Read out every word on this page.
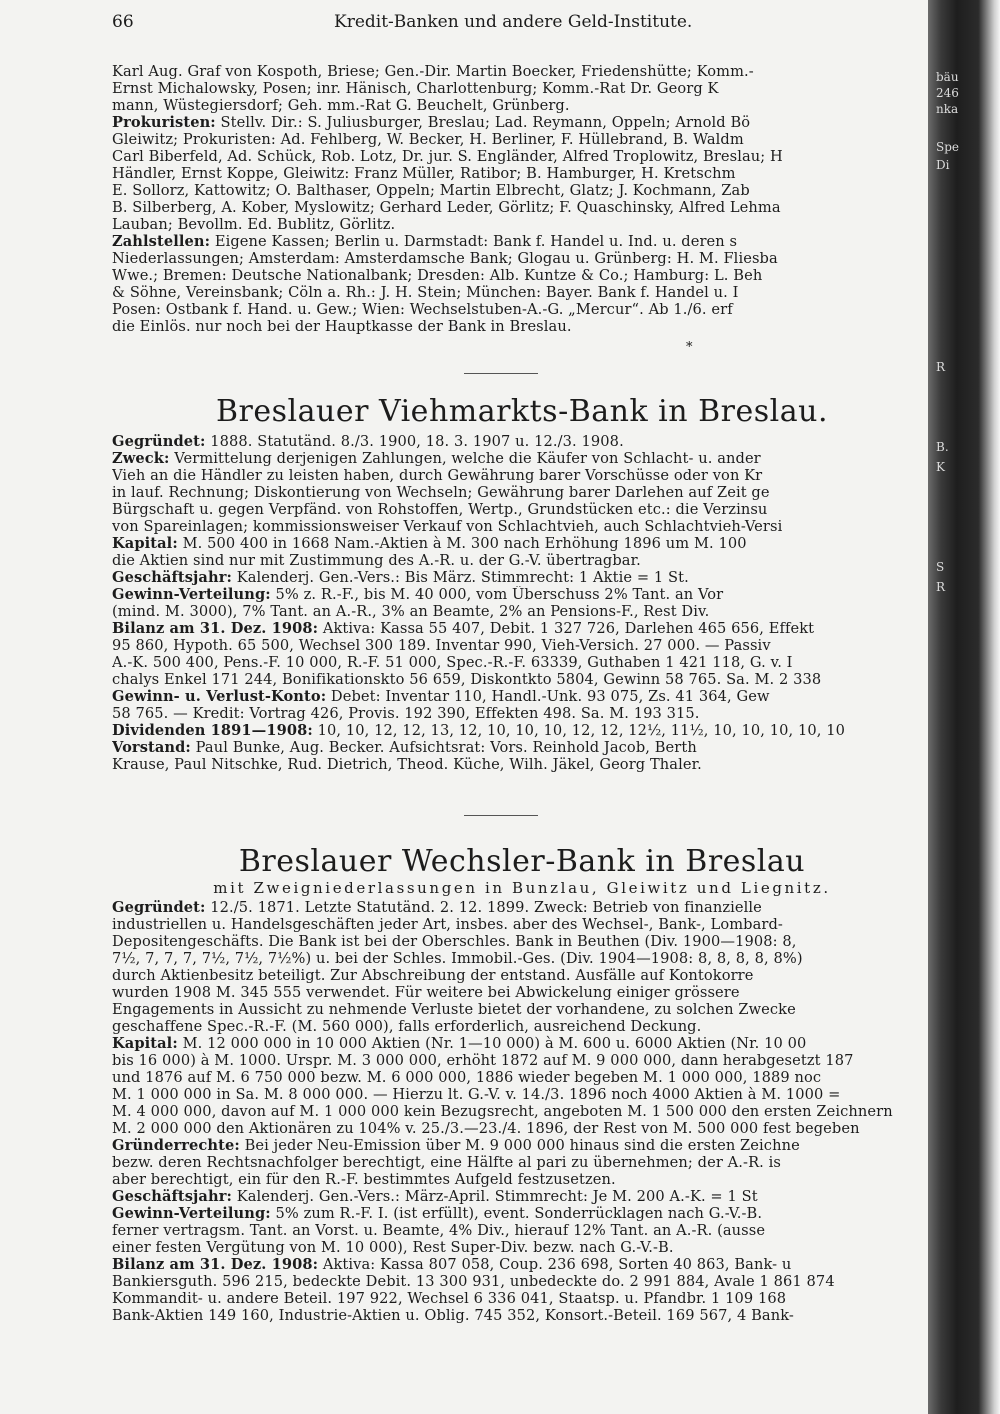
66	Kredit-Banken und andere Geld-Institute.
Karl Aug. Graf von Kospoth, Briese; Gen.-Dir. Martin Boecker, Friedenshütte; Komm.-
Ernst Michalowsky, Posen; inr. Hänisch, Charlottenburg; Komm.-Rat Dr. Georg K
mann, Wüstegiersdorf; Geh. mm.-Rat G. Beuchelt, Grünberg.
Prokuristen: Stellv. Dir.: S. Juliusburger, Breslau; Lad. Reymann, Oppeln; Arnold Bö
Gleiwitz; Prokuristen: Ad. Fehlberg, W. Becker, H. Berliner, F. Hüllebrand, B. Waldm
Carl Biberfeld, Ad. Schück, Rob. Lotz, Dr. jur. S. Engländer, Alfred Troplowitz, Breslau; H
Händler, Ernst Koppe, Gleiwitz: Franz Müller, Ratibor; B. Hamburger, H. Kretschm
E. Sollorz, Kattowitz; O. Balthaser, Oppeln; Martin Elbrecht, Glatz; J. Kochmann, Zab
B. Silberberg, A. Kober, Myslowitz; Gerhard Leder, Görlitz; F. Quaschinsky, Alfred Lehma
Lauban; Bevollm. Ed. Bublitz, Görlitz.
Zahlstellen: Eigene Kassen; Berlin u. Darmstadt: Bank f. Handel u. Ind. u. deren s
Niederlassungen; Amsterdam: Amsterdamsche Bank; Glogau u. Grünberg: H. M. Fliesba
Wwe.; Bremen: Deutsche Nationalbank; Dresden: Alb. Kuntze & Co.; Hamburg: L. Beh
& Söhne, Vereinsbank; Cöln a. Rh.: J. H. Stein; München: Bayer. Bank f. Handel u. I
Posen: Ostbank f. Hand. u. Gew.; Wien: Wechselstuben-A.-G. „Mercur“. Ab 1./6. erf
die Einlös. nur noch bei der Hauptkasse der Bank in Breslau.
*
Breslauer Viehmarkts-Bank in Breslau.
Gegründet: 1888. Statutänd. 8./3. 1900, 18. 3. 1907 u. 12./3. 1908.
Zweck: Vermittelung derjenigen Zahlungen, welche die Käufer von Schlacht- u. ander
Vieh an die Händler zu leisten haben, durch Gewährung barer Vorschüsse oder von Kr
in lauf. Rechnung; Diskontierung von Wechseln; Gewährung barer Darlehen auf Zeit ge
Bürgschaft u. gegen Verpfänd. von Rohstoffen, Wertp., Grundstücken etc.: die Verzinsu
von Spareinlagen; kommissionsweiser Verkauf von Schlachtvieh, auch Schlachtvieh-Versi
Kapital: M. 500 400 in 1668 Nam.-Aktien à M. 300 nach Erhöhung 1896 um M. 100
die Aktien sind nur mit Zustimmung des A.-R. u. der G.-V. übertragbar.
Geschäftsjahr: Kalenderj. Gen.-Vers.: Bis März. Stimmrecht: 1 Aktie = 1 St.
Gewinn-Verteilung: 5% z. R.-F., bis M. 40 000, vom Überschuss 2% Tant. an Vor
(mind. M. 3000), 7% Tant. an A.-R., 3% an Beamte, 2% an Pensions-F., Rest Div.
Bilanz am 31. Dez. 1908: Aktiva: Kassa 55 407, Debit. 1 327 726, Darlehen 465 656, Effekt
95 860, Hypoth. 65 500, Wechsel 300 189. Inventar 990, Vieh-Versich. 27 000. — Passiv
A.-K. 500 400, Pens.-F. 10 000, R.-F. 51 000, Spec.-R.-F. 63339, Guthaben 1 421 118, G. v. I
chalys Enkel 171 244, Bonifikationskto 56 659, Diskontkto 5804, Gewinn 58 765. Sa. M. 2 338
Gewinn- u. Verlust-Konto: Debet: Inventar 110, Handl.-Unk. 93 075, Zs. 41 364, Gew
58 765. — Kredit: Vortrag 426, Provis. 192 390, Effekten 498. Sa. M. 193 315.
Dividenden 1891—1908: 10, 10, 12, 12, 13, 12, 10, 10, 10, 12, 12, 12½, 11½, 10, 10, 10, 10, 10
Vorstand: Paul Bunke, Aug. Becker. Aufsichtsrat: Vors. Reinhold Jacob, Berth
Krause, Paul Nitschke, Rud. Dietrich, Theod. Küche, Wilh. Jäkel, Georg Thaler.
Breslauer Wechsler-Bank in Breslau
mit Zweigniederlassungen in Bunzlau, Gleiwitz und Liegnitz.
Gegründet: 12./5. 1871. Letzte Statutänd. 2. 12. 1899. Zweck: Betrieb von finanzielle
industriellen u. Handelsgeschäften jeder Art, insbes. aber des Wechsel-, Bank-, Lombard-
Depositengeschäfts. Die Bank ist bei der Oberschles. Bank in Beuthen (Div. 1900—1908: 8,
7½, 7, 7, 7, 7½, 7½, 7½%) u. bei der Schles. Immobil.-Ges. (Div. 1904—1908: 8, 8, 8, 8, 8%)
durch Aktienbesitz beteiligt. Zur Abschreibung der entstand. Ausfälle auf Kontokorre
wurden 1908 M. 345 555 verwendet. Für weitere bei Abwickelung einiger grössere
Engagements in Aussicht zu nehmende Verluste bietet der vorhandene, zu solchen Zwecke
geschaffene Spec.-R.-F. (M. 560 000), falls erforderlich, ausreichend Deckung.
Kapital: M. 12 000 000 in 10 000 Aktien (Nr. 1—10 000) à M. 600 u. 6000 Aktien (Nr. 10 00
bis 16 000) à M. 1000. Urspr. M. 3 000 000, erhöht 1872 auf M. 9 000 000, dann herabgesetzt 187
und 1876 auf M. 6 750 000 bezw. M. 6 000 000, 1886 wieder begeben M. 1 000 000, 1889 noc
M. 1 000 000 in Sa. M. 8 000 000. — Hierzu lt. G.-V. v. 14./3. 1896 noch 4000 Aktien à M. 1000 =
M. 4 000 000, davon auf M. 1 000 000 kein Bezugsrecht, angeboten M. 1 500 000 den ersten Zeichnern
M. 2 000 000 den Aktionären zu 104% v. 25./3.—23./4. 1896, der Rest von M. 500 000 fest begeben
Gründerrechte: Bei jeder Neu-Emission über M. 9 000 000 hinaus sind die ersten Zeichne
bezw. deren Rechtsnachfolger berechtigt, eine Hälfte al pari zu übernehmen; der A.-R. is
aber berechtigt, ein für den R.-F. bestimmtes Aufgeld festzusetzen.
Geschäftsjahr: Kalenderj. Gen.-Vers.: März-April. Stimmrecht: Je M. 200 A.-K. = 1 St
Gewinn-Verteilung: 5% zum R.-F. I. (ist erfüllt), event. Sonderrücklagen nach G.-V.-B.
ferner vertragsm. Tant. an Vorst. u. Beamte, 4% Div., hierauf 12% Tant. an A.-R. (ausse
einer festen Vergütung von M. 10 000), Rest Super-Div. bezw. nach G.-V.-B.
Bilanz am 31. Dez. 1908: Aktiva: Kassa 807 058, Coup. 236 698, Sorten 40 863, Bank- u
Bankiersguth. 596 215, bedeckte Debit. 13 300 931, unbedeckte do. 2 991 884, Avale 1 861 874
Kommandit- u. andere Beteil. 197 922, Wechsel 6 336 041, Staatsp. u. Pfandbr. 1 109 168
Bank-Aktien 149 160, Industrie-Aktien u. Oblig. 745 352, Konsort.-Beteil. 169 567, 4 Bank-
bäu
246
nka
Spe
Di
R
B.
K
S
R
